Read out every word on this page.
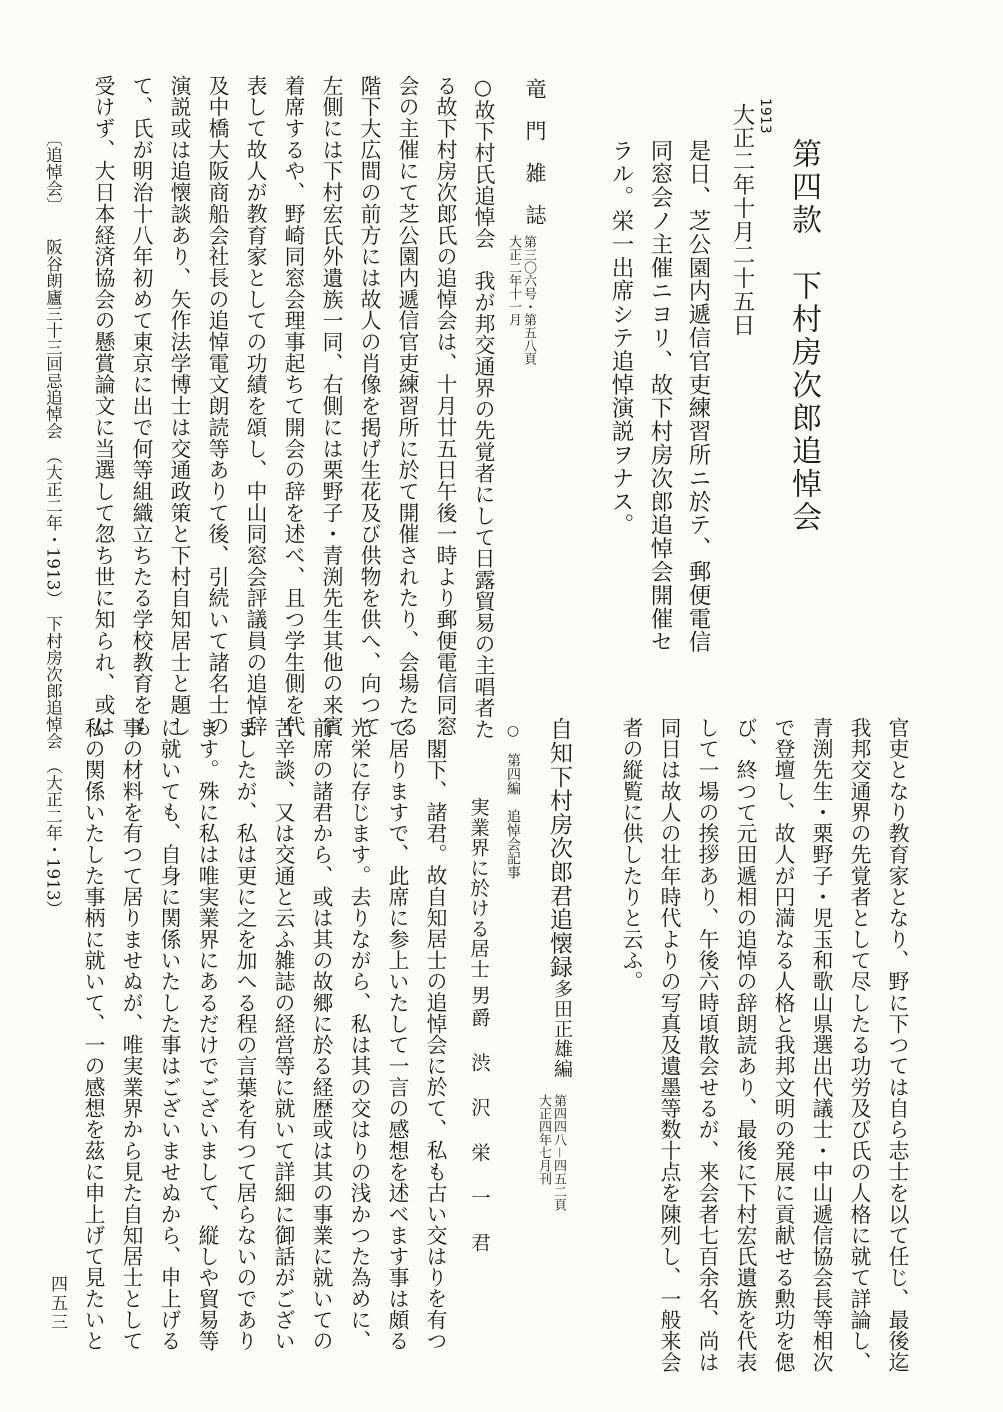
第四款　下村房次郎追悼会
1913
大正二年十月二十五日
是日、芝公園内遞信官吏練習所ニ於テ、郵便電信
同窓会ノ主催ニヨリ、故下村房次郎追悼会開催セ
ラル。栄一出席シテ追悼演説ヲナス。
竜　門　雑　誌
第三〇六号・第五八頁
大正二年十一月
○故下村氏追悼会　我が邦交通界の先覚者にして日露貿易の主唱者た
る故下村房次郎氏の追悼会は、十月廿五日午後一時より郵便電信同窓
会の主催にて芝公園内遞信官吏練習所に於て開催されたり、会場たる
階下大広間の前方には故人の肖像を掲げ生花及び供物を供へ、向つて
左側には下村宏氏外遺族一同、右側には栗野子・青渕先生其他の来賓
着席するや、野崎同窓会理事起ちて開会の辞を述べ、且つ学生側を代
表して故人が教育家としての功績を頌し、中山同窓会評議員の追悼辞
及中橋大阪商船会社長の追悼電文朗読等ありて後、引続いて諸名士の
演説或は追懐談あり、矢作法学博士は交通政策と下村自知居士と題し
て、氏が明治十八年初めて東京に出で何等組織立ちたる学校教育をも
受けず、大日本経済協会の懸賞論文に当選して忽ち世に知られ、或は
官吏となり教育家となり、野に下つては自ら志士を以て任じ、最後迄
我邦交通界の先覚者として尽したる功労及び氏の人格に就て詳論し、
青渕先生・栗野子・児玉和歌山県選出代議士・中山遞信協会長等相次
で登壇し、故人が円満なる人格と我邦文明の発展に貢献せる勲功を偲
び、終つて元田遞相の追悼の辞朗読あり、最後に下村宏氏遺族を代表
して一場の挨拶あり、午後六時頃散会せるが、来会者七百余名、尚は
同日は故人の壮年時代よりの写真及遺墨等数十点を陳列し、一般来会
者の縦覧に供したりと云ふ。
自知下村房次郎君追懐録
多田正雄編
第四四八－四五二頁
大正四年七月刊
○　第四編　追悼会記事
実業界に於ける居士
男爵　渋　沢　栄　一　君
閣下、諸君。故自知居士の追悼会に於て、私も古い交はりを有つ
て居りますで、此席に参上いたして一言の感想を述べます事は頗る
光栄に存じます。去りながら、私は其の交はりの浅かつた為めに、
前席の諸君から、或は其の故郷に於る経歴或は其の事業に就いての
苦辛談、又は交通と云ふ雑誌の経営等に就いて詳細に御話がござい
ましたが、私は更に之を加へる程の言葉を有つて居らないのであり
ます。殊に私は唯実業界にあるだけでございまして、縦しや貿易等
に就いても、自身に関係いたした事はございませぬから、申上げる
事の材料を有つて居りませぬが、唯実業界から見た自知居士として
私の関係いたした事柄に就いて、一の感想を茲に申上げて見たいと
四五三
〔追悼会〕　　阪谷朗廬三十三回忌追悼会　（大正二年・1913）　下村房次郎追悼会　（大正二年・1913）
